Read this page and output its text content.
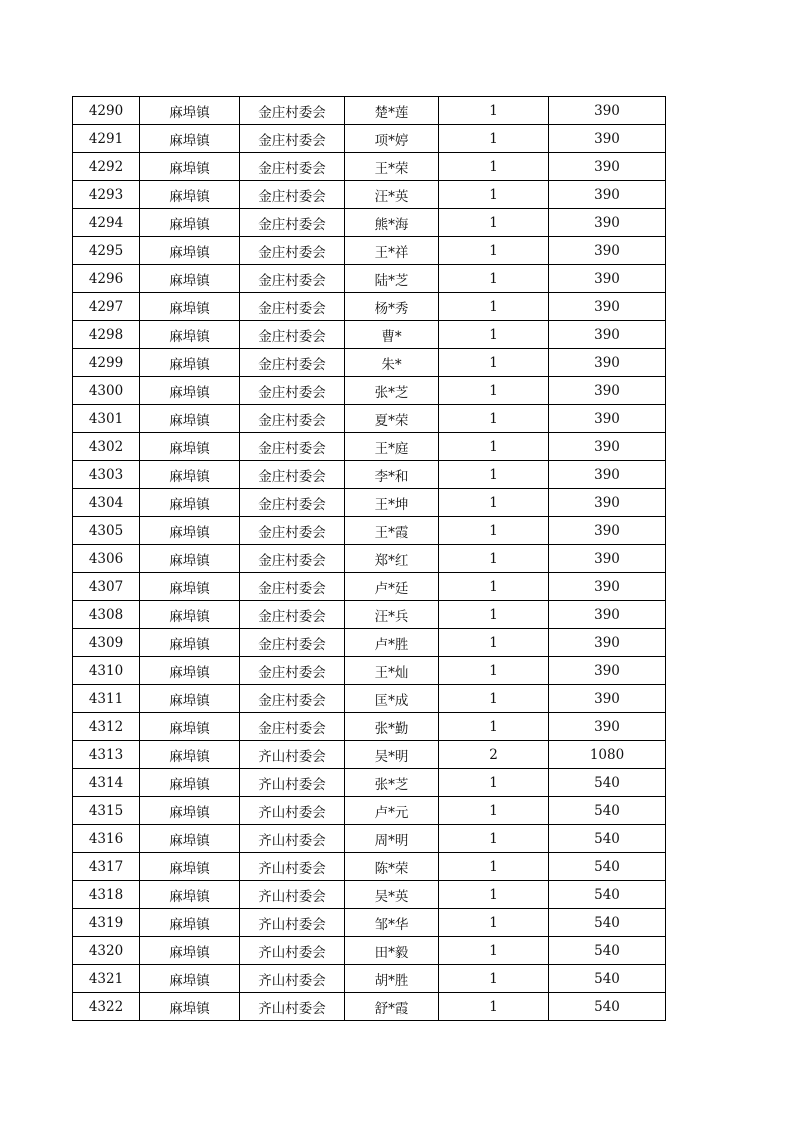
4290	麻埠镇	金庄村委会	楚*莲	1	390
4291	麻埠镇	金庄村委会	项*婷	1	390
4292	麻埠镇	金庄村委会	王*荣	1	390
4293	麻埠镇	金庄村委会	汪*英	1	390
4294	麻埠镇	金庄村委会	熊*海	1	390
4295	麻埠镇	金庄村委会	王*祥	1	390
4296	麻埠镇	金庄村委会	陆*芝	1	390
4297	麻埠镇	金庄村委会	杨*秀	1	390
4298	麻埠镇	金庄村委会	曹*	1	390
4299	麻埠镇	金庄村委会	朱*	1	390
4300	麻埠镇	金庄村委会	张*芝	1	390
4301	麻埠镇	金庄村委会	夏*荣	1	390
4302	麻埠镇	金庄村委会	王*庭	1	390
4303	麻埠镇	金庄村委会	李*和	1	390
4304	麻埠镇	金庄村委会	王*坤	1	390
4305	麻埠镇	金庄村委会	王*霞	1	390
4306	麻埠镇	金庄村委会	郑*红	1	390
4307	麻埠镇	金庄村委会	卢*廷	1	390
4308	麻埠镇	金庄村委会	汪*兵	1	390
4309	麻埠镇	金庄村委会	卢*胜	1	390
4310	麻埠镇	金庄村委会	王*灿	1	390
4311	麻埠镇	金庄村委会	匡*成	1	390
4312	麻埠镇	金庄村委会	张*勤	1	390
4313	麻埠镇	齐山村委会	吴*明	2	1080
4314	麻埠镇	齐山村委会	张*芝	1	540
4315	麻埠镇	齐山村委会	卢*元	1	540
4316	麻埠镇	齐山村委会	周*明	1	540
4317	麻埠镇	齐山村委会	陈*荣	1	540
4318	麻埠镇	齐山村委会	吴*英	1	540
4319	麻埠镇	齐山村委会	邹*华	1	540
4320	麻埠镇	齐山村委会	田*毅	1	540
4321	麻埠镇	齐山村委会	胡*胜	1	540
4322	麻埠镇	齐山村委会	舒*霞	1	540
